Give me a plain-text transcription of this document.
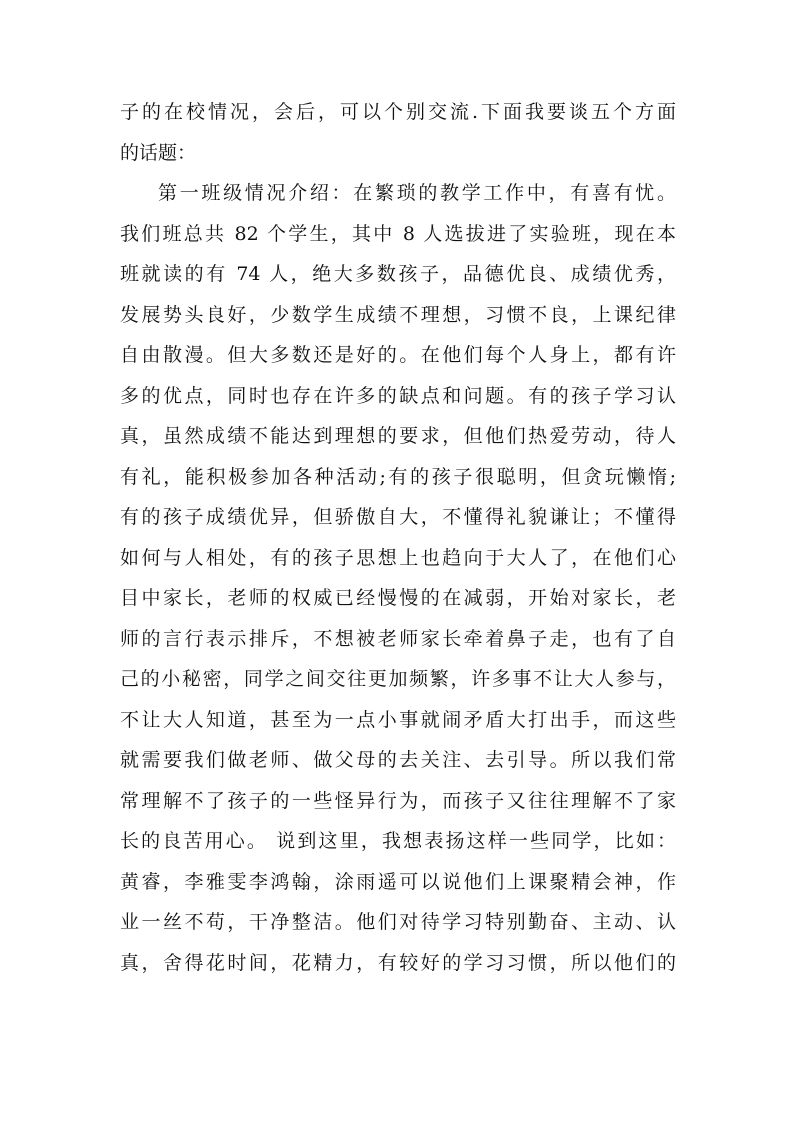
子的在校情况，会后，可以个别交流.下面我要谈五个方面
的话题：
第一班级情况介绍：在繁琐的教学工作中，有喜有忧。
我们班总共 82 个学生，其中 8 人选拔进了实验班，现在本
班就读的有 74 人，绝大多数孩子，品德优良、成绩优秀，
发展势头良好，少数学生成绩不理想，习惯不良，上课纪律
自由散漫。但大多数还是好的。在他们每个人身上，都有许
多的优点，同时也存在许多的缺点和问题。有的孩子学习认
真，虽然成绩不能达到理想的要求，但他们热爱劳动，待人
有礼，能积极参加各种活动;有的孩子很聪明，但贪玩懒惰;
有的孩子成绩优异，但骄傲自大，不懂得礼貌谦让；不懂得
如何与人相处，有的孩子思想上也趋向于大人了，在他们心
目中家长，老师的权威已经慢慢的在减弱，开始对家长，老
师的言行表示排斥，不想被老师家长牵着鼻子走，也有了自
己的小秘密，同学之间交往更加频繁，许多事不让大人参与，
不让大人知道，甚至为一点小事就闹矛盾大打出手，而这些
就需要我们做老师、做父母的去关注、去引导。所以我们常
常理解不了孩子的一些怪异行为，而孩子又往往理解不了家
长的良苦用心。 说到这里，我想表扬这样一些同学，比如：
黄睿，李雅雯李鸿翰，涂雨遥可以说他们上课聚精会神，作
业一丝不苟，干净整洁。他们对待学习特别勤奋、主动、认
真，舍得花时间，花精力，有较好的学习习惯，所以他们的
